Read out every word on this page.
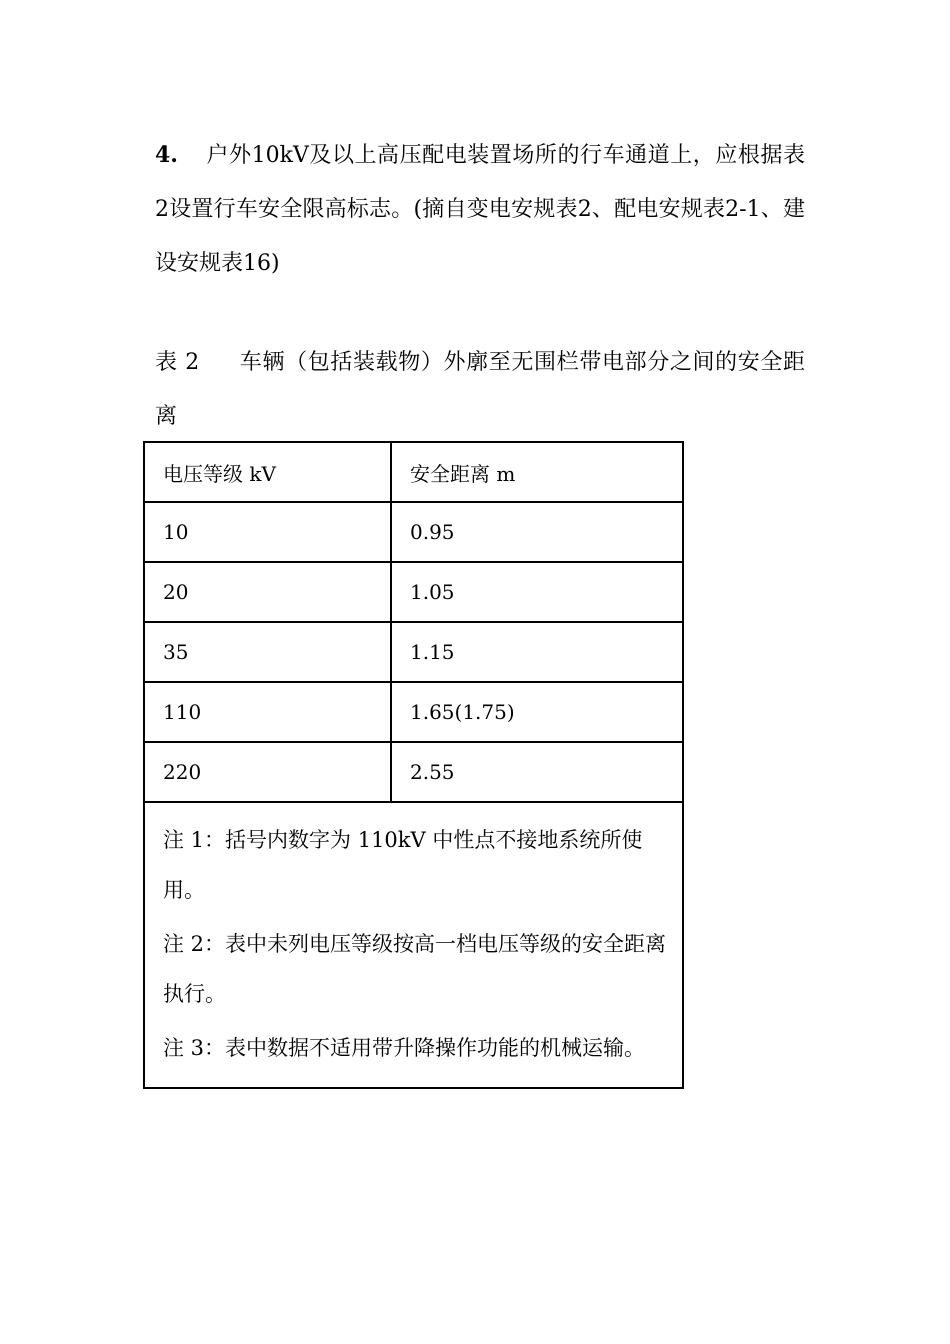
4. 户外10kV及以上高压配电装置场所的行车通道上，应根据表2设置行车安全限高标志。(摘自变电安规表2、配电安规表2-1、建设安规表16)
表 2 车辆（包括装载物）外廓至无围栏带电部分之间的安全距离
电压等级 kV	安全距离 m
10	0.95
20	1.05
35	1.15
110	1.65(1.75)
220	2.55

注 1：括号内数字为 110kV 中性点不接地系统所使用。
注 2：表中未列电压等级按高一档电压等级的安全距离执行。
注 3：表中数据不适用带升降操作功能的机械运输。	
